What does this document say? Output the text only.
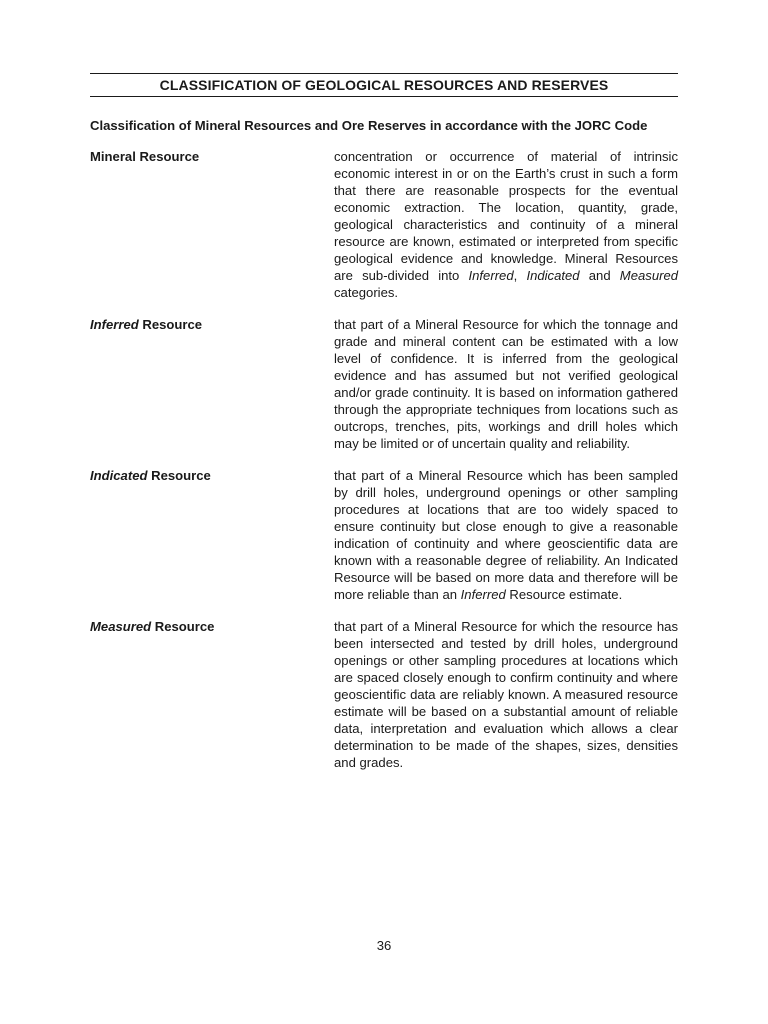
CLASSIFICATION OF GEOLOGICAL RESOURCES AND RESERVES

Classification of Mineral Resources and Ore Reserves in accordance with the JORC Code

Mineral Resource	concentration or occurrence of material of intrinsic economic interest in or on the Earth’s crust in such a form that there are reasonable prospects for the eventual economic extraction. The location, quantity, grade, geological characteristics and continuity of a mineral resource are known, estimated or interpreted from specific geological evidence and knowledge. Mineral Resources are sub-divided into Inferred, Indicated and Measured categories.
Inferred Resource	that part of a Mineral Resource for which the tonnage and grade and mineral content can be estimated with a low level of confidence. It is inferred from the geological evidence and has assumed but not verified geological and/or grade continuity. It is based on information gathered through the appropriate techniques from locations such as outcrops, trenches, pits, workings and drill holes which may be limited or of uncertain quality and reliability.
Indicated Resource	that part of a Mineral Resource which has been sampled by drill holes, underground openings or other sampling procedures at locations that are too widely spaced to ensure continuity but close enough to give a reasonable indication of continuity and where geoscientific data are known with a reasonable degree of reliability. An Indicated Resource will be based on more data and therefore will be more reliable than an Inferred Resource estimate.
Measured Resource	that part of a Mineral Resource for which the resource has been intersected and tested by drill holes, underground openings or other sampling procedures at locations which are spaced closely enough to confirm continuity and where geoscientific data are reliably known. A measured resource estimate will be based on a substantial amount of reliable data, interpretation and evaluation which allows a clear determination to be made of the shapes, sizes, densities and grades.
36
